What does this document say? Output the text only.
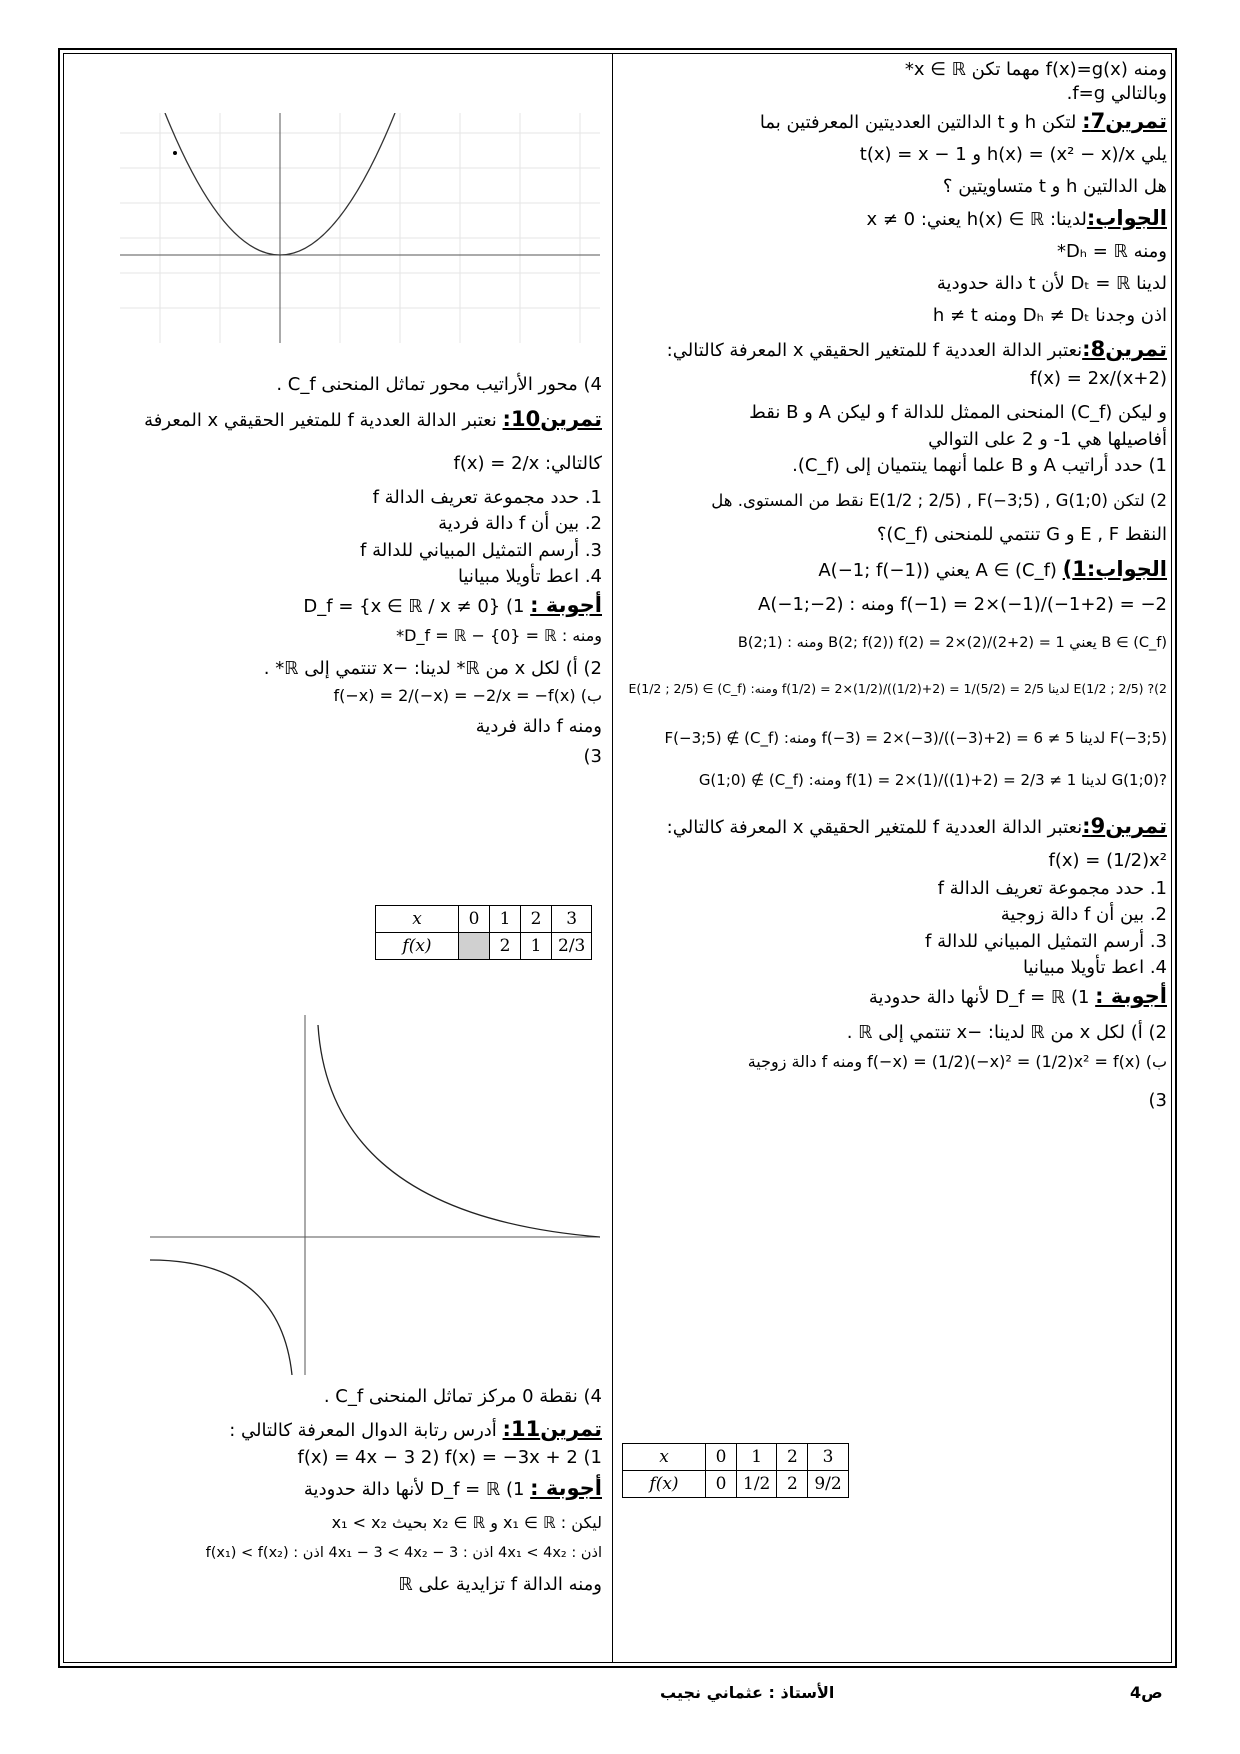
ومنه f(x)=g(x) مهما تكن x ∈ ℝ*
وبالتالي f=g.
تمرين7: لتكن h و t الدالتين العدديتين المعرفتين بما
يلي h(x) = (x² − x)/x و t(x) = x − 1
هل الدالتين h و t متساويتين ؟
الجواب:لدينا: h(x) ∈ ℝ يعني: x ≠ 0
ومنه Dₕ = ℝ*
لدينا Dₜ = ℝ لأن t دالة حدودية
اذن وجدنا Dₕ ≠ Dₜ ومنه h ≠ t
تمرين8:نعتبر الدالة العددية f للمتغير الحقيقي x المعرفة كالتالي:
f(x) = 2x/(x+2)
و ليكن (C_f) المنحنى الممثل للدالة f و ليكن A و B نقط
أفاصيلها هي 1- و 2 على التوالي
1) حدد أراتيب A و B علما أنهما ينتميان إلى (C_f).
2) لتكن E(1/2 ; 2/5) , F(−3;5) , G(1;0) نقط من المستوى. هل
النقط E , F و G تنتمي للمنحنى (C_f)؟
الجواب:1) A ∈ (C_f) يعني A(−1; f(−1))
f(−1) = 2×(−1)/(−1+2) = −2 ومنه : A(−1;−2)
B ∈ (C_f) يعني B(2; f(2)) f(2) = 2×(2)/(2+2) = 1 ومنه : B(2;1)
2)? E(1/2 ; 2/5) لدينا f(1/2) = 2×(1/2)/((1/2)+2) = 1/(5/2) = 2/5 ومنه: E(1/2 ; 2/5) ∈ (C_f)
F(−3;5) لدينا f(−3) = 2×(−3)/((−3)+2) = 6 ≠ 5 ومنه: F(−3;5) ∉ (C_f)
?G(1;0) لدينا f(1) = 2×(1)/((1)+2) = 2/3 ≠ 1 ومنه: G(1;0) ∉ (C_f)
تمرين9:نعتبر الدالة العددية f للمتغير الحقيقي x المعرفة كالتالي:
f(x) = (1/2)x²
1. حدد مجموعة تعريف الدالة f
2. بين أن f دالة زوجية
3. أرسم التمثيل المبياني للدالة f
4. اعط تأويلا مبيانيا
أجوبة : 1) D_f = ℝ لأنها دالة حدودية
2) أ) لكل x من ℝ لدينا: −x تنتمي إلى ℝ .
ب) f(−x) = (1/2)(−x)² = (1/2)x² = f(x) ومنه f دالة زوجية
3)
x	0	1	2	3
f(x)	0	1/2	2	9/2
4) محور الأراتيب محور تماثل المنحنى C_f .
تمرين10: نعتبر الدالة العددية f للمتغير الحقيقي x المعرفة
كالتالي: f(x) = 2/x
1. حدد مجموعة تعريف الدالة f
2. بين أن f دالة فردية
3. أرسم التمثيل المبياني للدالة f
4. اعط تأويلا مبيانيا
أجوبة : 1) D_f = {x ∈ ℝ / x ≠ 0}
ومنه : D_f = ℝ − {0} = ℝ*
2) أ) لكل x من ℝ* لدينا: −x تنتمي إلى ℝ* .
ب) f(−x) = 2/(−x) = −2/x = −f(x)
ومنه f دالة فردية
3)
x	0	1	2	3
f(x)		2	1	2/3
4) نقطة 0 مركز تماثل المنحنى C_f .
تمرين11: أدرس رتابة الدوال المعرفة كالتالي :
1) f(x) = 4x − 3 2) f(x) = −3x + 2
أجوبة : 1) D_f = ℝ لأنها دالة حدودية
ليكن : x₁ ∈ ℝ و x₂ ∈ ℝ بحيث x₁ < x₂
اذن : 4x₁ < 4x₂ اذن : 4x₁ − 3 < 4x₂ − 3 اذن : f(x₁) < f(x₂)
ومنه الدالة f تزايدية على ℝ
الأستاذ : عثماني نجيب	ص4
